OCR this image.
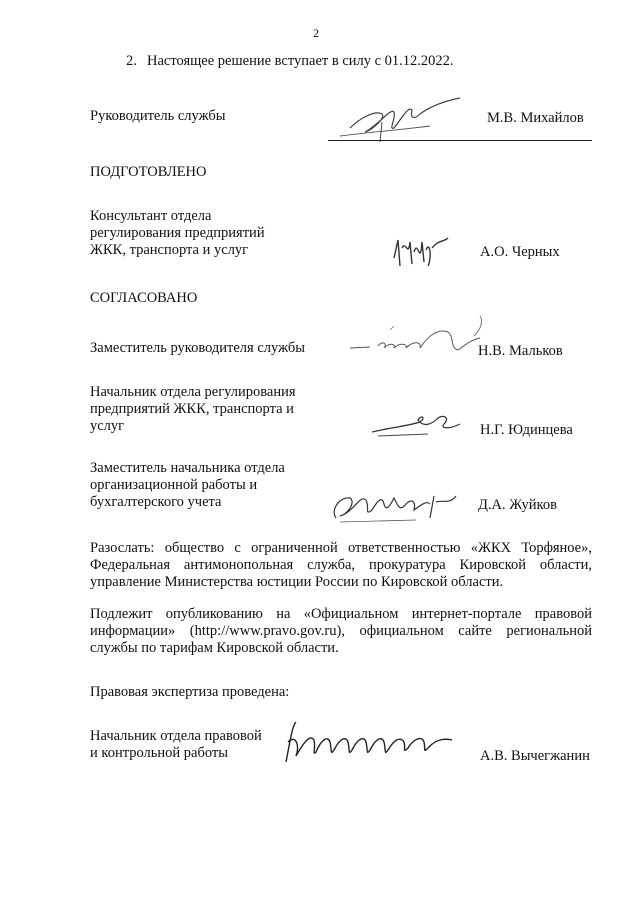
2
2. Настоящее решение вступает в силу с 01.12.2022.
Руководитель службы	М.В. Михайлов
ПОДГОТОВЛЕНО
Консультант отдела
регулирования предприятий
ЖКК, транспорта и услуг	А.О. Черных
СОГЛАСОВАНО
Заместитель руководителя службы	Н.В. Мальков
Начальник отдела регулирования
предприятий ЖКК, транспорта и
услуг	Н.Г. Юдинцева
Заместитель начальника отдела
организационной работы и
бухгалтерского учета	Д.А. Жуйков
Разослать: общество с ограниченной ответственностью «ЖКХ Торфяное», Федеральная антимонопольная служба, прокуратура Кировской области, управление Министерства юстиции России по Кировской области.
Подлежит опубликованию на «Официальном интернет-портале правовой информации» (http://www.pravo.gov.ru), официальном сайте региональной службы по тарифам Кировской области.
Правовая экспертиза проведена:
Начальник отдела правовой
и контрольной работы	А.В. Вычегжанин
